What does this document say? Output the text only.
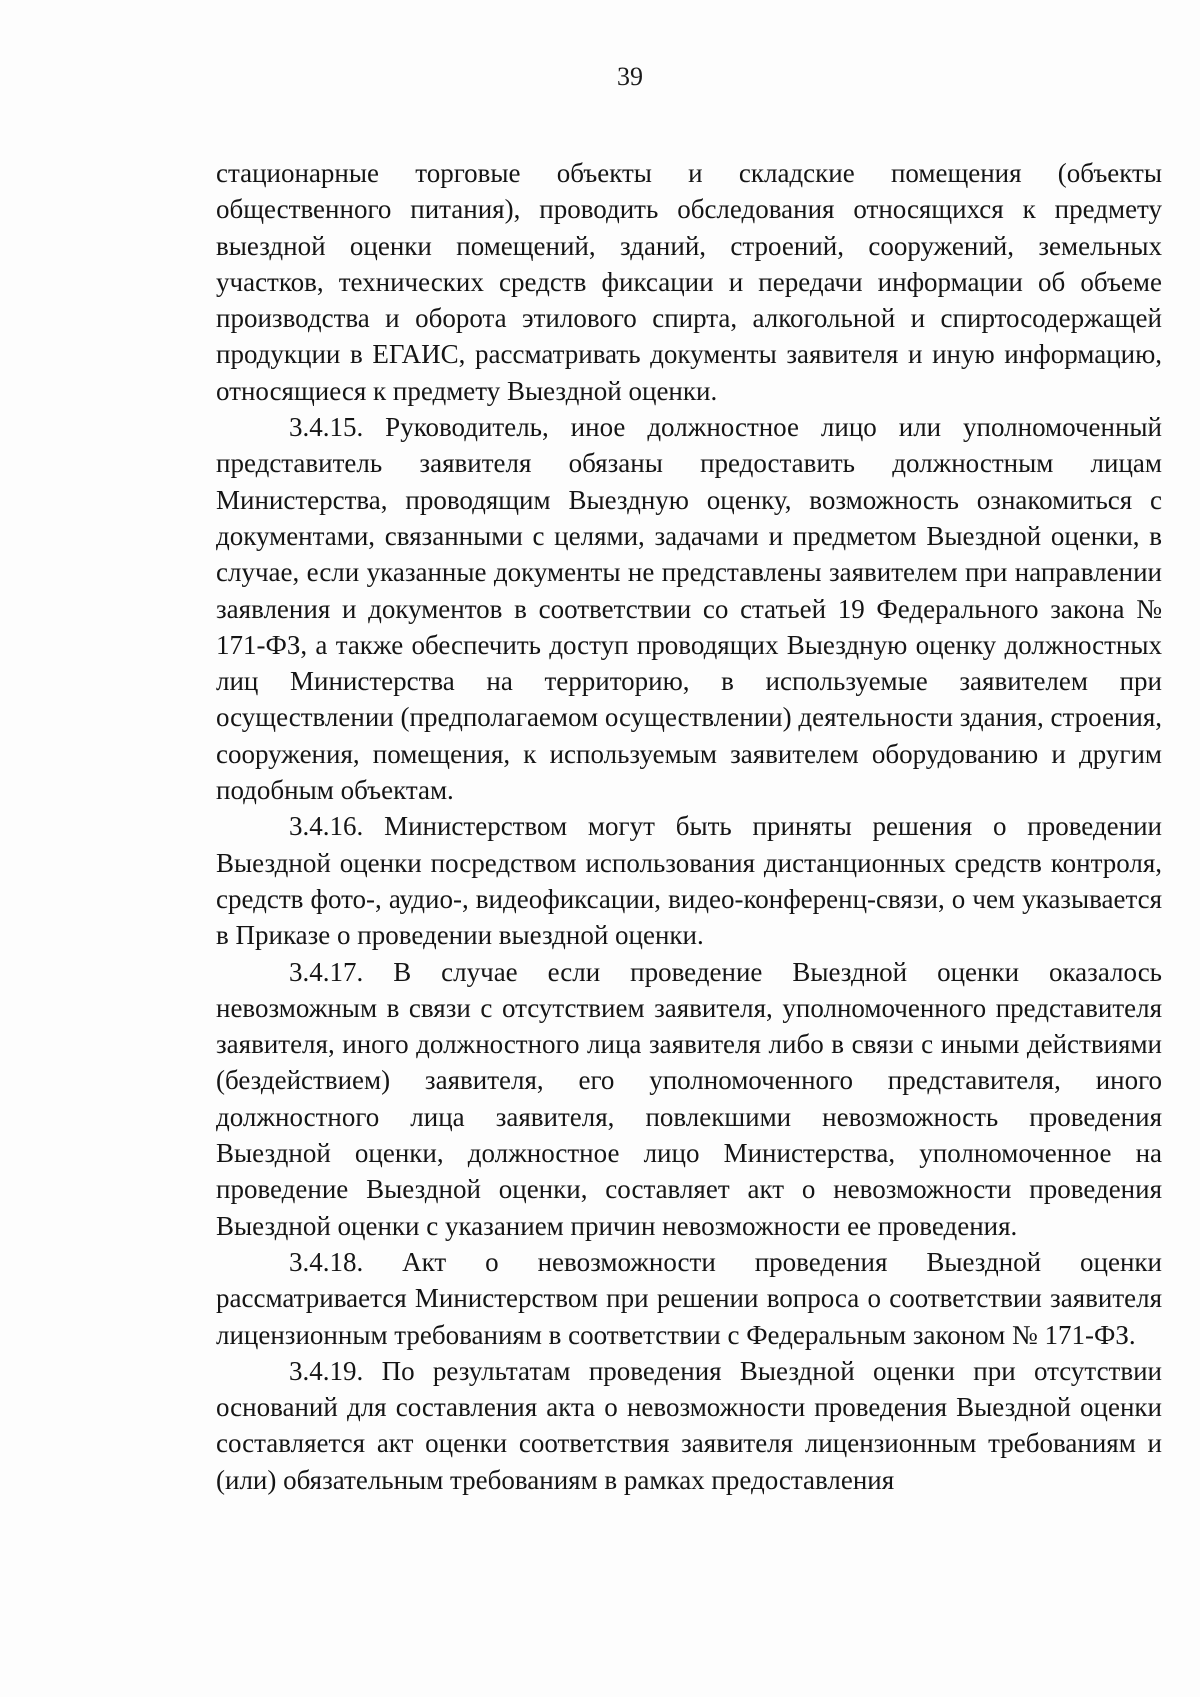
39

стационарные торговые объекты и складские помещения (объекты общественного питания), проводить обследования относящихся к предмету выездной оценки помещений, зданий, строений, сооружений, земельных участков, технических средств фиксации и передачи информации об объеме производства и оборота этилового спирта, алкогольной и спиртосодержащей продукции в ЕГАИС, рассматривать документы заявителя и иную информацию, относящиеся к предмету Выездной оценки.

3.4.15. Руководитель, иное должностное лицо или уполномоченный представитель заявителя обязаны предоставить должностным лицам Министерства, проводящим Выездную оценку, возможность ознакомиться с документами, связанными с целями, задачами и предметом Выездной оценки, в случае, если указанные документы не представлены заявителем при направлении заявления и документов в соответствии со статьей 19 Федерального закона № 171-ФЗ, а также обеспечить доступ проводящих Выездную оценку должностных лиц Министерства на территорию, в используемые заявителем при осуществлении (предполагаемом осуществлении) деятельности здания, строения, сооружения, помещения, к используемым заявителем оборудованию и другим подобным объектам.

3.4.16. Министерством могут быть приняты решения о проведении Выездной оценки посредством использования дистанционных средств контроля, средств фото-, аудио-, видеофиксации, видео-конференц-связи, о чем указывается в Приказе о проведении выездной оценки.

3.4.17. В случае если проведение Выездной оценки оказалось невозможным в связи с отсутствием заявителя, уполномоченного представителя заявителя, иного должностного лица заявителя либо в связи с иными действиями (бездействием) заявителя, его уполномоченного представителя, иного должностного лица заявителя, повлекшими невозможность проведения Выездной оценки, должностное лицо Министерства, уполномоченное на проведение Выездной оценки, составляет акт о невозможности проведения Выездной оценки с указанием причин невозможности ее проведения.

3.4.18. Акт о невозможности проведения Выездной оценки рассматривается Министерством при решении вопроса о соответствии заявителя лицензионным требованиям в соответствии с Федеральным законом № 171-ФЗ.

3.4.19. По результатам проведения Выездной оценки при отсутствии оснований для составления акта о невозможности проведения Выездной оценки составляется акт оценки соответствия заявителя лицензионным требованиям и (или) обязательным требованиям в рамках предоставления
